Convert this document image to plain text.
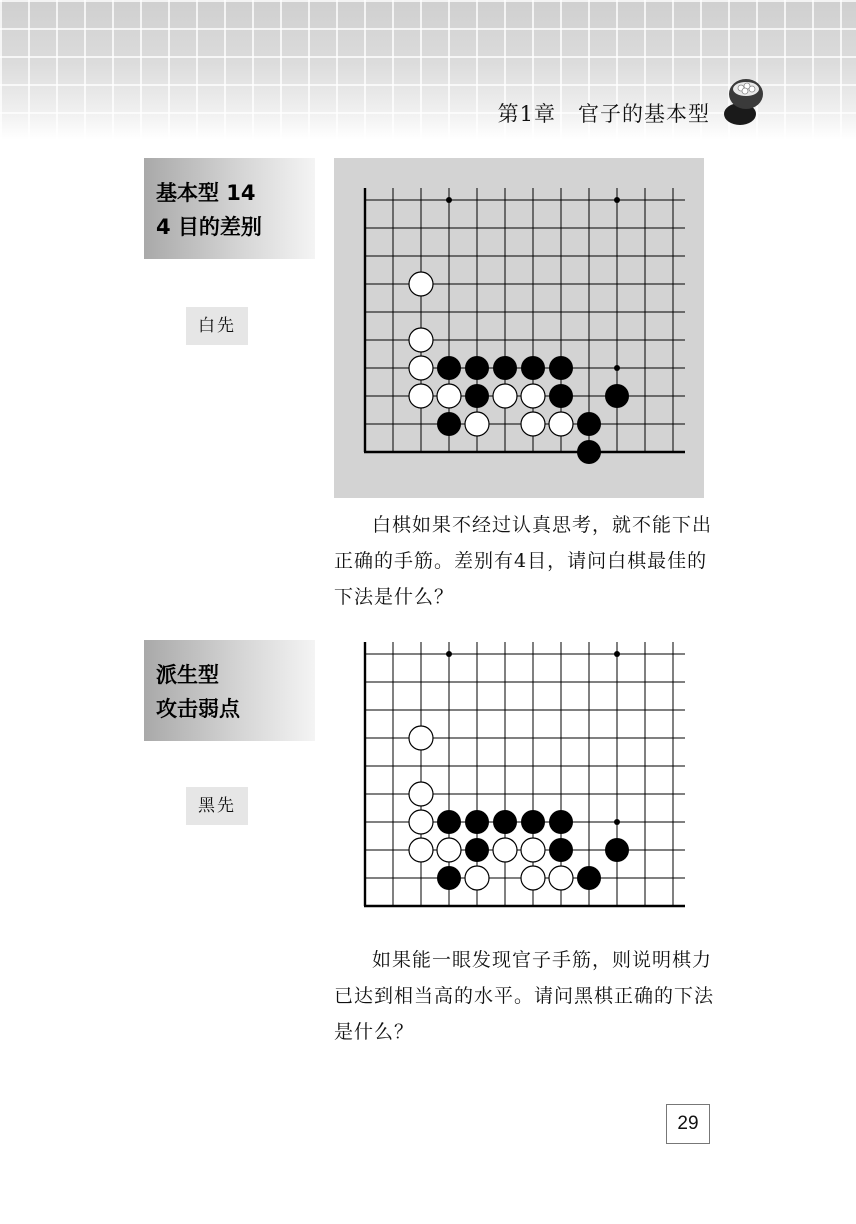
第1章　官子的基本型
基本型 14
4 目的差别
白先

白棋如果不经过认真思考，就不能下出正确的手筋。差别有4目，请问白棋最佳的下法是什么？

派生型
攻击弱点
黑先

如果能一眼发现官子手筋，则说明棋力已达到相当高的水平。请问黑棋正确的下法是什么？

29
